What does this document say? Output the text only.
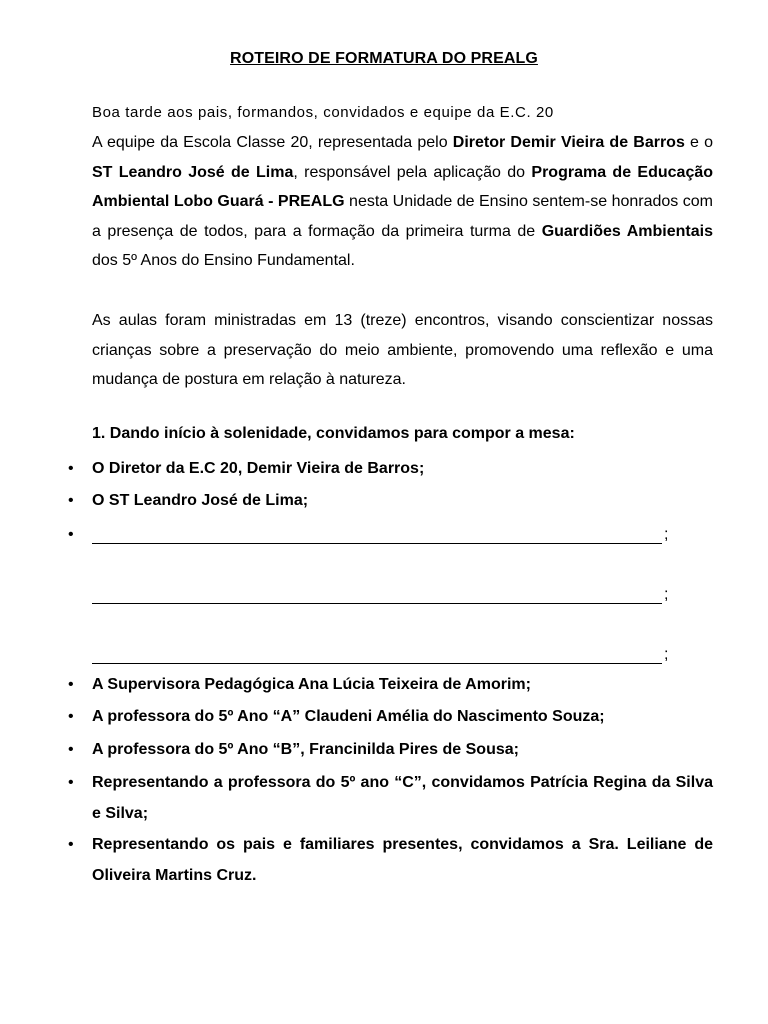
ROTEIRO DE FORMATURA DO PREALG
Boa tarde aos pais, formandos, convidados e equipe da E.C. 20
A equipe da Escola Classe 20, representada pelo Diretor Demir Vieira de Barros e o ST Leandro José de Lima, responsável pela aplicação do Programa de Educação Ambiental Lobo Guará - PREALG nesta Unidade de Ensino sentem-se honrados com a presença de todos, para a formação da primeira turma de Guardiões Ambientais dos 5º Anos do Ensino Fundamental.
As aulas foram ministradas em 13 (treze) encontros, visando conscientizar nossas crianças sobre a preservação do meio ambiente, promovendo uma reflexão e uma mudança de postura em relação à natureza.
1. Dando início à solenidade, convidamos para compor a mesa:
•	O Diretor da E.C 20, Demir Vieira de Barros;
•	O ST Leandro José de Lima;
•	;
;
;
•	A Supervisora Pedagógica Ana Lúcia Teixeira de Amorim;
•	A professora do 5º Ano “A” Claudeni Amélia do Nascimento Souza;
•	A professora do 5º Ano “B”, Francinilda Pires de Sousa;
•	Representando a professora do 5º ano “C”, convidamos Patrícia Regina da Silva e Silva;
•	Representando os pais e familiares presentes, convidamos a Sra. Leiliane de Oliveira Martins Cruz.
